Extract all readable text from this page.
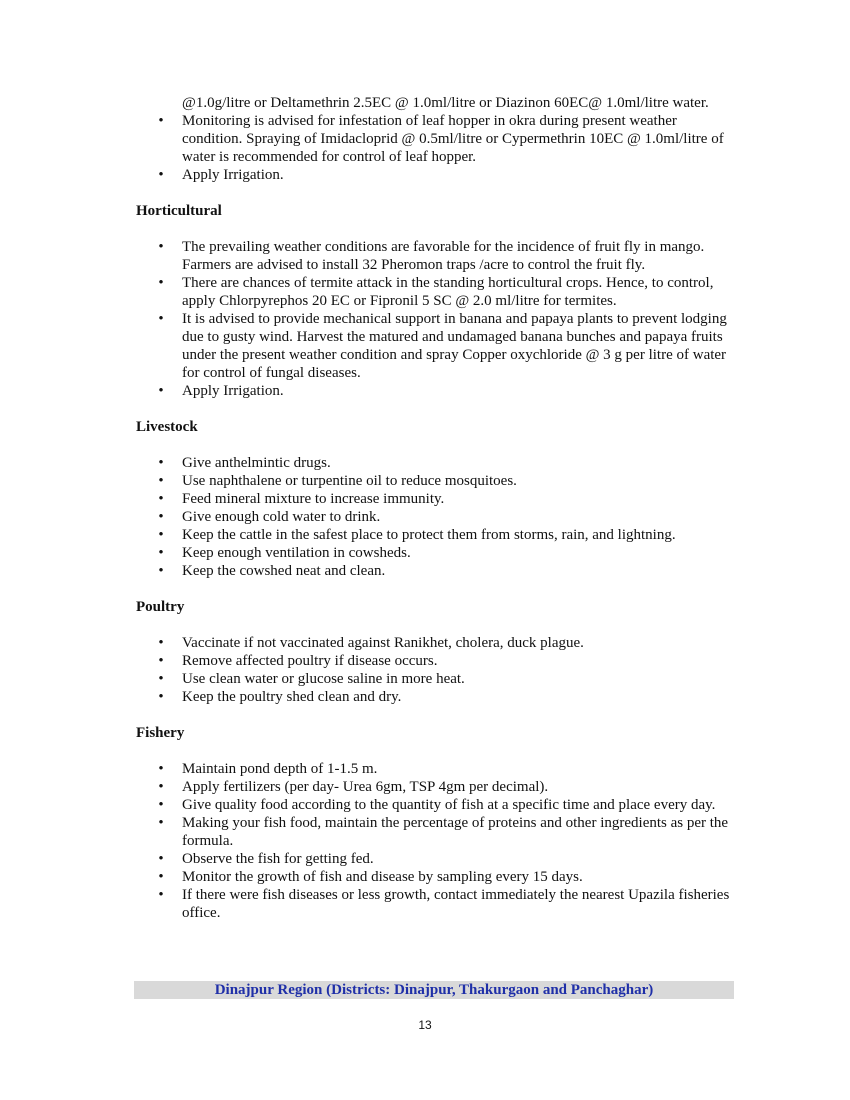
@1.0g/litre or Deltamethrin 2.5EC @ 1.0ml/litre or Diazinon 60EC@ 1.0ml/litre water.

• Monitoring is advised for infestation of leaf hopper in okra during present weather condition. Spraying of Imidacloprid @ 0.5ml/litre or Cypermethrin 10EC @ 1.0ml/litre of water is recommended for control of leaf hopper.
• Apply Irrigation.
Horticultural
• The prevailing weather conditions are favorable for the incidence of fruit fly in mango. Farmers are advised to install 32 Pheromon traps /acre to control the fruit fly.
• There are chances of termite attack in the standing horticultural crops. Hence, to control, apply Chlorpyrephos 20 EC or Fipronil 5 SC @ 2.0 ml/litre for termites.
• It is advised to provide mechanical support in banana and papaya plants to prevent lodging due to gusty wind. Harvest the matured and undamaged banana bunches and papaya fruits under the present weather condition and spray Copper oxychloride @ 3 g per litre of water for control of fungal diseases.
• Apply Irrigation.
Livestock
• Give anthelmintic drugs.
• Use naphthalene or turpentine oil to reduce mosquitoes.
• Feed mineral mixture to increase immunity.
• Give enough cold water to drink.
• Keep the cattle in the safest place to protect them from storms, rain, and lightning.
• Keep enough ventilation in cowsheds.
• Keep the cowshed neat and clean.
Poultry
• Vaccinate if not vaccinated against Ranikhet, cholera, duck plague.
• Remove affected poultry if disease occurs.
• Use clean water or glucose saline in more heat.
• Keep the poultry shed clean and dry.
Fishery
• Maintain pond depth of 1-1.5 m.
• Apply fertilizers (per day- Urea 6gm, TSP 4gm per decimal).
• Give quality food according to the quantity of fish at a specific time and place every day.
• Making your fish food, maintain the percentage of proteins and other ingredients as per the formula.
• Observe the fish for getting fed.
• Monitor the growth of fish and disease by sampling every 15 days.
• If there were fish diseases or less growth, contact immediately the nearest Upazila fisheries office.
Dinajpur Region (Districts: Dinajpur, Thakurgaon and Panchaghar)
13
